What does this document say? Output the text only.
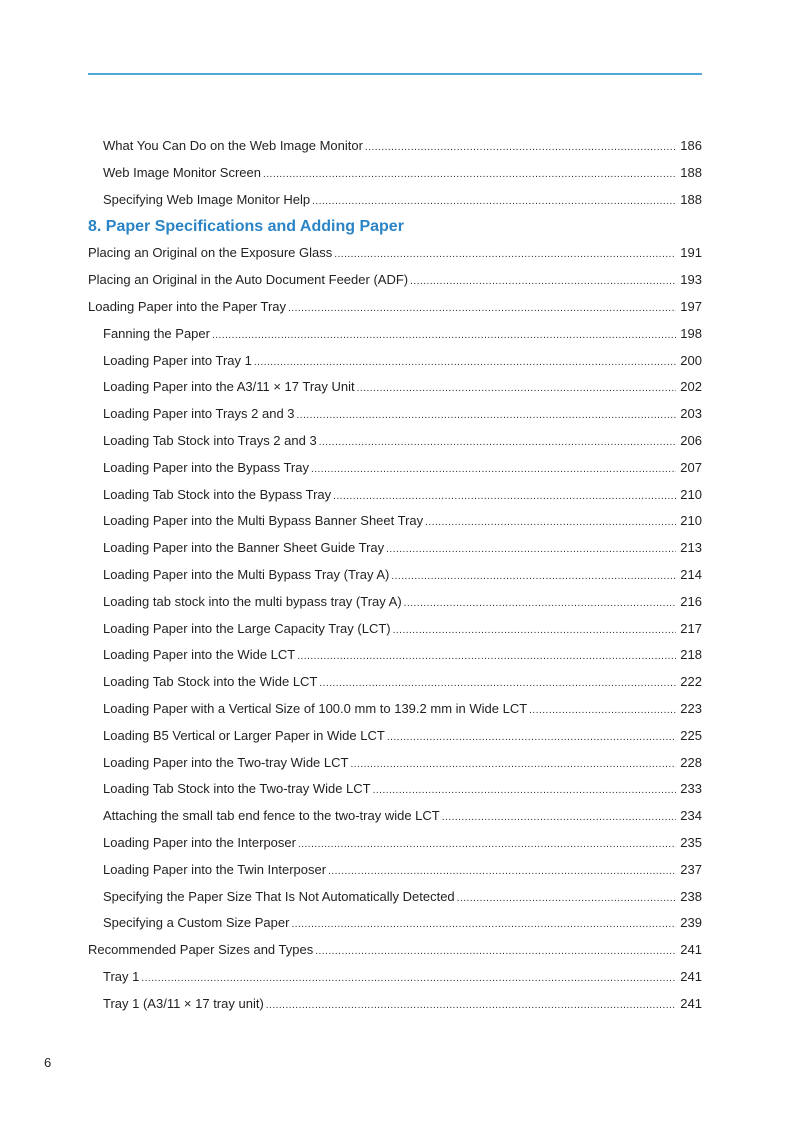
What You Can Do on the Web Image Monitor .....	186
Web Image Monitor Screen .....	188
Specifying Web Image Monitor Help .....	188
8. Paper Specifications and Adding Paper
Placing an Original on the Exposure Glass .....	191
Placing an Original in the Auto Document Feeder (ADF) .....	193
Loading Paper into the Paper Tray .....	197
Fanning the Paper .....	198
Loading Paper into Tray 1 .....	200
Loading Paper into the A3/11 × 17 Tray Unit .....	202
Loading Paper into Trays 2 and 3 .....	203
Loading Tab Stock into Trays 2 and 3 .....	206
Loading Paper into the Bypass Tray .....	207
Loading Tab Stock into the Bypass Tray .....	210
Loading Paper into the Multi Bypass Banner Sheet Tray .....	210
Loading Paper into the Banner Sheet Guide Tray .....	213
Loading Paper into the Multi Bypass Tray (Tray A) .....	214
Loading tab stock into the multi bypass tray (Tray A) .....	216
Loading Paper into the Large Capacity Tray (LCT) .....	217
Loading Paper into the Wide LCT .....	218
Loading Tab Stock into the Wide LCT .....	222
Loading Paper with a Vertical Size of 100.0 mm to 139.2 mm in Wide LCT .....	223
Loading B5 Vertical or Larger Paper in Wide LCT .....	225
Loading Paper into the Two-tray Wide LCT .....	228
Loading Tab Stock into the Two-tray Wide LCT .....	233
Attaching the small tab end fence to the two-tray wide LCT .....	234
Loading Paper into the Interposer .....	235
Loading Paper into the Twin Interposer .....	237
Specifying the Paper Size That Is Not Automatically Detected .....	238
Specifying a Custom Size Paper .....	239
Recommended Paper Sizes and Types .....	241
Tray 1 .....	241
Tray 1 (A3/11 × 17 tray unit) .....	241
6
